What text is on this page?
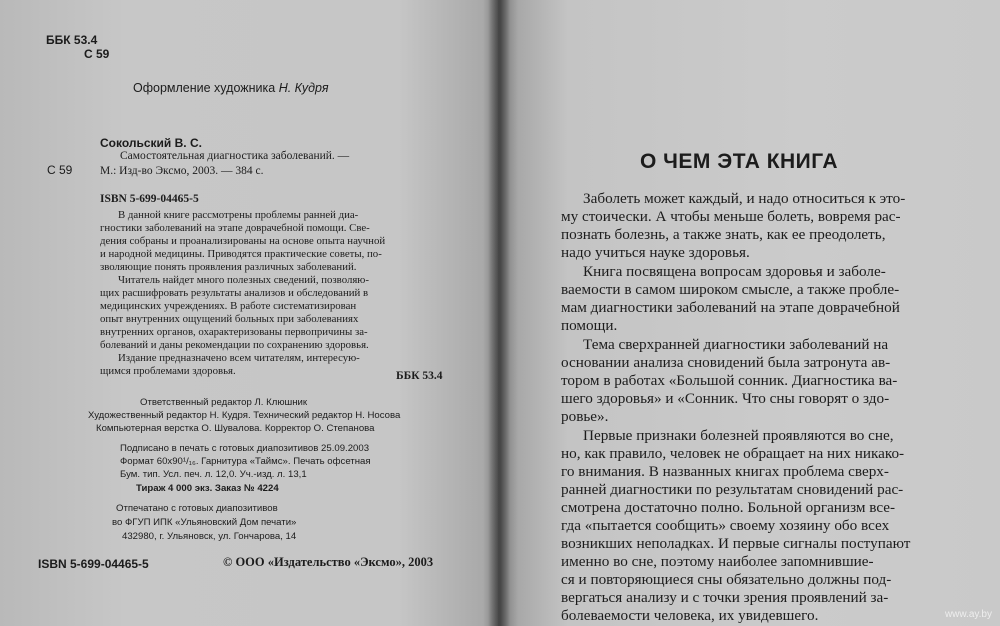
ББК 53.4
С 59
Оформление художника Н. Кудря
Сокольский В. С.
С 59
Самостоятельная диагностика заболеваний. —
М.: Изд-во Эксмо, 2003. — 384 с.
ISBN 5-699-04465-5
В данной книге рассмотрены проблемы ранней диа-
гностики заболеваний на этапе доврачебной помощи. Све-
дения собраны и проанализированы на основе опыта научной
и народной медицины. Приводятся практические советы, по-
зволяющие понять проявления различных заболеваний.
Читатель найдет много полезных сведений, позволяю-
щих расшифровать результаты анализов и обследований в
медицинских учреждениях. В работе систематизирован
опыт внутренних ощущений больных при заболеваниях
внутренних органов, охарактеризованы первопричины за-
болеваний и даны рекомендации по сохранению здоровья.
Издание предназначено всем читателям, интересую-
щимся проблемами здоровья.	ББК 53.4
Ответственный редактор Л. Клюшник
Художественный редактор Н. Кудря. Технический редактор Н. Носова
Компьютерная верстка О. Шувалова. Корректор О. Степанова
Подписано в печать с готовых диапозитивов 25.09.2003
Формат 60x90¹/₁₆. Гарнитура «Таймс». Печать офсетная
Бум. тип. Усл. печ. л. 12,0. Уч.-изд. л. 13,1
Тираж 4 000 экз. Заказ № 4224
Отпечатано с готовых диапозитивов
во ФГУП ИПК «Ульяновский Дом печати»
432980, г. Ульяновск, ул. Гончарова, 14
ISBN 5-699-04465-5	© ООО «Издательство «Эксмо», 2003
О ЧЕМ ЭТА КНИГА
Заболеть может каждый, и надо относиться к это-
му стоически. А чтобы меньше болеть, вовремя рас-
познать болезнь, а также знать, как ее преодолеть,
надо учиться науке здоровья.
Книга посвящена вопросам здоровья и заболе-
ваемости в самом широком смысле, а также пробле-
мам диагностики заболеваний на этапе доврачебной
помощи.
Тема сверхранней диагностики заболеваний на
основании анализа сновидений была затронута ав-
тором в работах «Большой сонник. Диагностика ва-
шего здоровья» и «Сонник. Что сны говорят о здо-
ровье».
Первые признаки болезней проявляются во сне,
но, как правило, человек не обращает на них никако-
го внимания. В названных книгах проблема сверх-
ранней диагностики по результатам сновидений рас-
смотрена достаточно полно. Больной организм все-
гда «пытается сообщить» своему хозяину обо всех
возникших неполадках. И первые сигналы поступают
именно во сне, поэтому наиболее запомнившие-
ся и повторяющиеся сны обязательно должны под-
вергаться анализу и с точки зрения проявлений за-
болеваемости человека, их увидевшего.	www.ay.by
